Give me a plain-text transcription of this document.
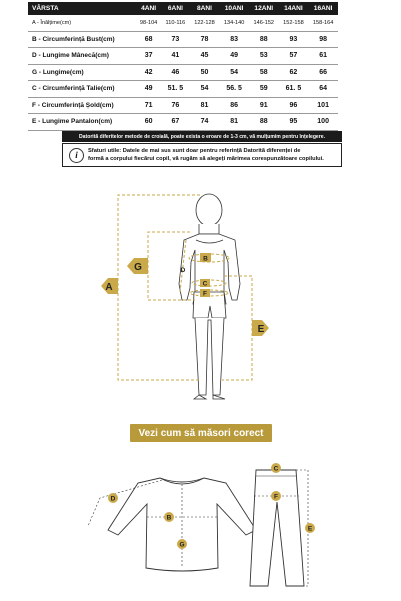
VÂRSTA	4ANI	6ANI	8ANI	10ANI	12ANI	14ANI	16ANI
A - Înălțime(cm)	98-104	110-116	122-128	134-140	146-152	152-158	158-164
B - Circumferință Bust(cm)	68	73	78	83	88	93	98
D - Lungime Mânecă(cm)	37	41	45	49	53	57	61
G - Lungime(cm)	42	46	50	54	58	62	66
C - Circumferință Talie(cm)	49	51. 5	54	56. 5	59	61. 5	64
F - Circumferință Șold(cm)	71	76	81	86	91	96	101
E - Lungime Pantalon(cm)	60	67	74	81	88	95	100
Datorită diferitelor metode de croială, poate exista o eroare de 1-3 cm, vă mulțumim pentru înțelegere.
i	Sfaturi utile: Datele de mai sus sunt doar pentru referință Datorită diferenței de
formă a corpului fiecărui copil, vă rugăm să alegeți mărimea corespunzătoare copilului.
A
G
E
B
C
F
D
Vezi cum să măsori corect
D
B
G
C
F
E
